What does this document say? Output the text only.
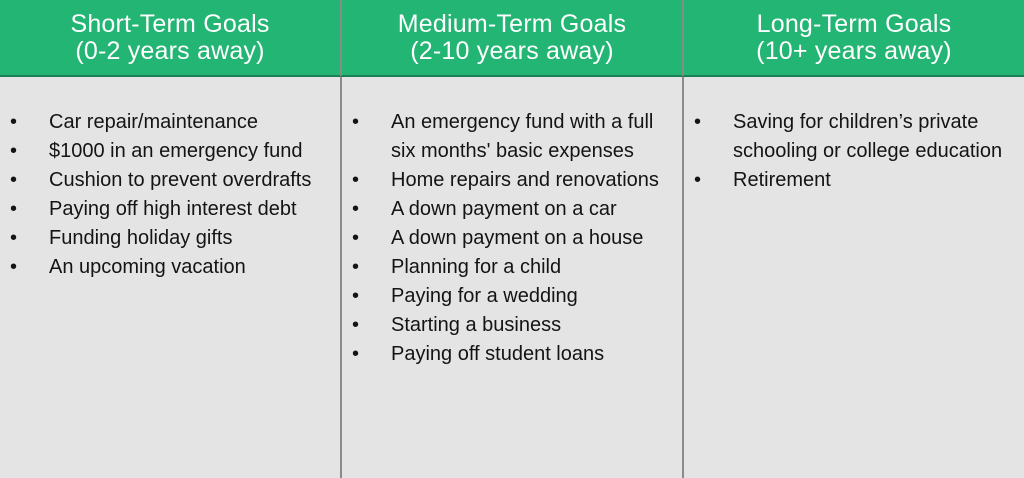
Short-Term Goals
(0-2 years away)
Medium-Term Goals
(2-10 years away)
Long-Term Goals
(10+ years away)
• Car repair/maintenance
• $1000 in an emergency fund
• Cushion to prevent overdrafts
• Paying off high interest debt
• Funding holiday gifts
• An upcoming vacation
• An emergency fund with a full six months' basic expenses
• Home repairs and renovations
• A down payment on a car
• A down payment on a house
• Planning for a child
• Paying for a wedding
• Starting a business
• Paying off student loans
• Saving for children’s private schooling or college education
• Retirement
